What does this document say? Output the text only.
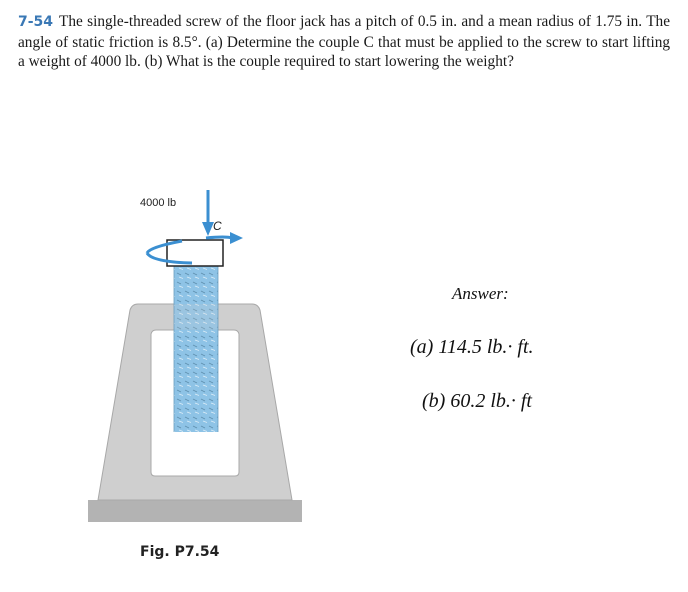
7-54 The single-threaded screw of the floor jack has a pitch of 0.5 in. and a mean radius of 1.75 in. The angle of static friction is 8.5°. (a) Determine the couple C that must be applied to the screw to start lifting a weight of 4000 lb. (b) What is the couple required to start lowering the weight?
4000 lb
C
Answer:
(a) 114.5 lb.· ft.
(b) 60.2 lb.· ft
Fig. P7.54
